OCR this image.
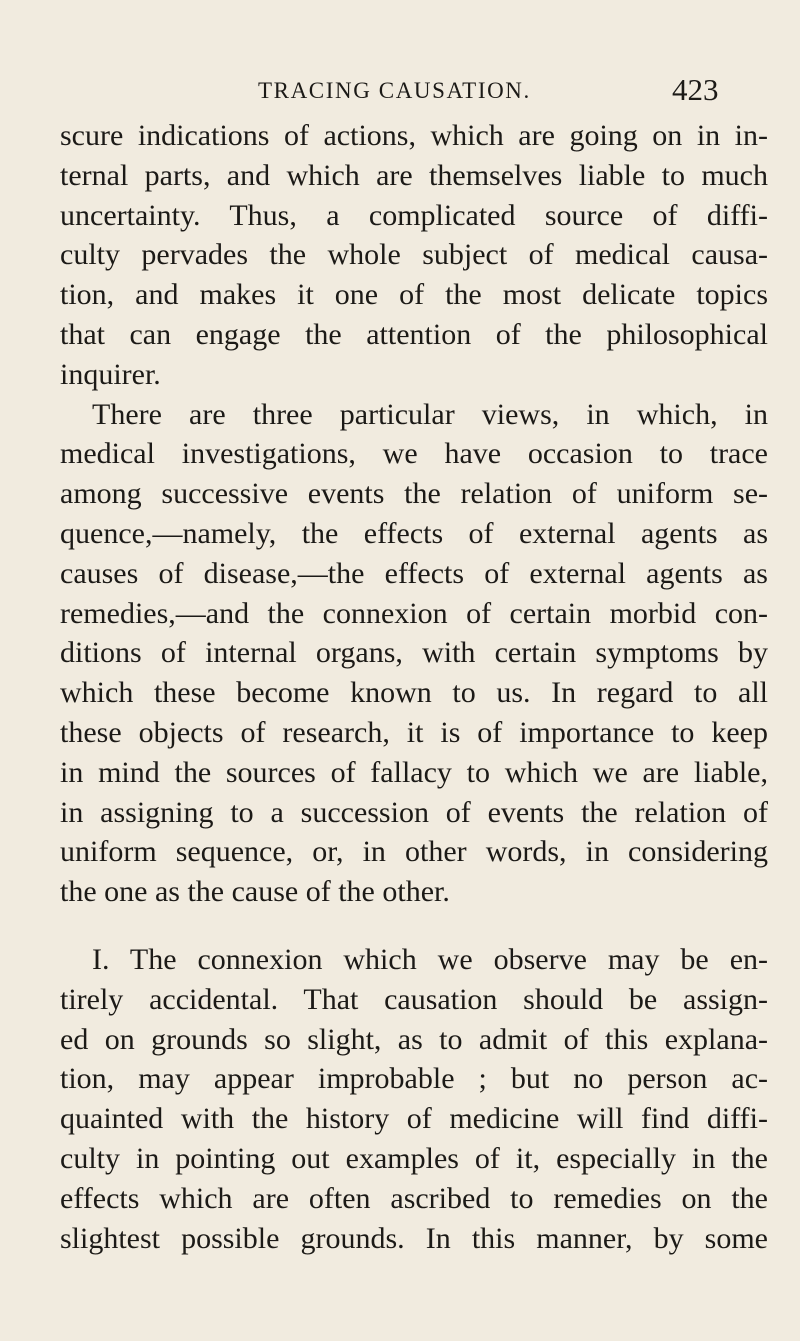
TRACING CAUSATION.	423
scure indications of actions, which are going on in in-
ternal parts, and which are themselves liable to much
uncertainty. Thus, a complicated source of diffi-
culty pervades the whole subject of medical causa-
tion, and makes it one of the most delicate topics
that can engage the attention of the philosophical
inquirer.
There are three particular views, in which, in
medical investigations, we have occasion to trace
among successive events the relation of uniform se-
quence,—namely, the effects of external agents as
causes of disease,—the effects of external agents as
remedies,—and the connexion of certain morbid con-
ditions of internal organs, with certain symptoms by
which these become known to us. In regard to all
these objects of research, it is of importance to keep
in mind the sources of fallacy to which we are liable,
in assigning to a succession of events the relation of
uniform sequence, or, in other words, in considering
the one as the cause of the other.
I. The connexion which we observe may be en-
tirely accidental. That causation should be assign-
ed on grounds so slight, as to admit of this explana-
tion, may appear improbable ; but no person ac-
quainted with the history of medicine will find diffi-
culty in pointing out examples of it, especially in the
effects which are often ascribed to remedies on the
slightest possible grounds. In this manner, by some
